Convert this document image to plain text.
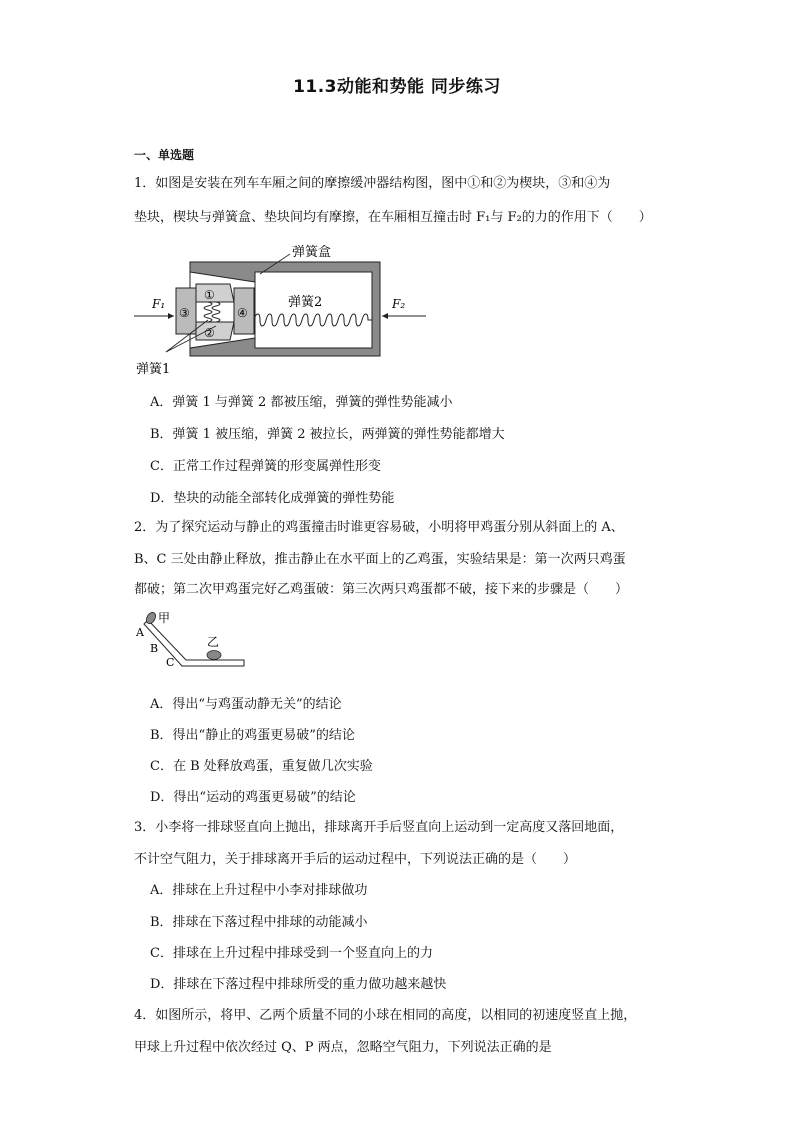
11.3动能和势能 同步练习
一、单选题
1．如图是安装在列车车厢之间的摩擦缓冲器结构图，图中①和②为楔块，③和④为
垫块，楔块与弹簧盒、垫块间均有摩擦，在车厢相互撞击时 F₁与 F₂的力的作用下（　　）
弹簧盒
弹簧2
弹簧1
F₁	F₂
①
②
③	④
A．弹簧 1 与弹簧 2 都被压缩，弹簧的弹性势能减小
B．弹簧 1 被压缩，弹簧 2 被拉长，两弹簧的弹性势能都增大
C．正常工作过程弹簧的形变属弹性形变
D．垫块的动能全部转化成弹簧的弹性势能
2．为了探究运动与静止的鸡蛋撞击时谁更容易破，小明将甲鸡蛋分别从斜面上的 A、
B、C 三处由静止释放，推击静止在水平面上的乙鸡蛋，实验结果是：第一次两只鸡蛋
都破；第二次甲鸡蛋完好乙鸡蛋破：第三次两只鸡蛋都不破，接下来的步骤是（　　）
甲
乙
A
B
C
A．得出“与鸡蛋动静无关”的结论
B．得出“静止的鸡蛋更易破”的结论
C．在 B 处释放鸡蛋，重复做几次实验
D．得出“运动的鸡蛋更易破”的结论
3．小李将一排球竖直向上抛出，排球离开手后竖直向上运动到一定高度又落回地面，
不计空气阻力，关于排球离开手后的运动过程中，下列说法正确的是（　　）
A．排球在上升过程中小李对排球做功
B．排球在下落过程中排球的动能减小
C．排球在上升过程中排球受到一个竖直向上的力
D．排球在下落过程中排球所受的重力做功越来越快
4．如图所示，将甲、乙两个质量不同的小球在相同的高度，以相同的初速度竖直上抛，
甲球上升过程中依次经过 Q、P 两点，忽略空气阻力，下列说法正确的是
